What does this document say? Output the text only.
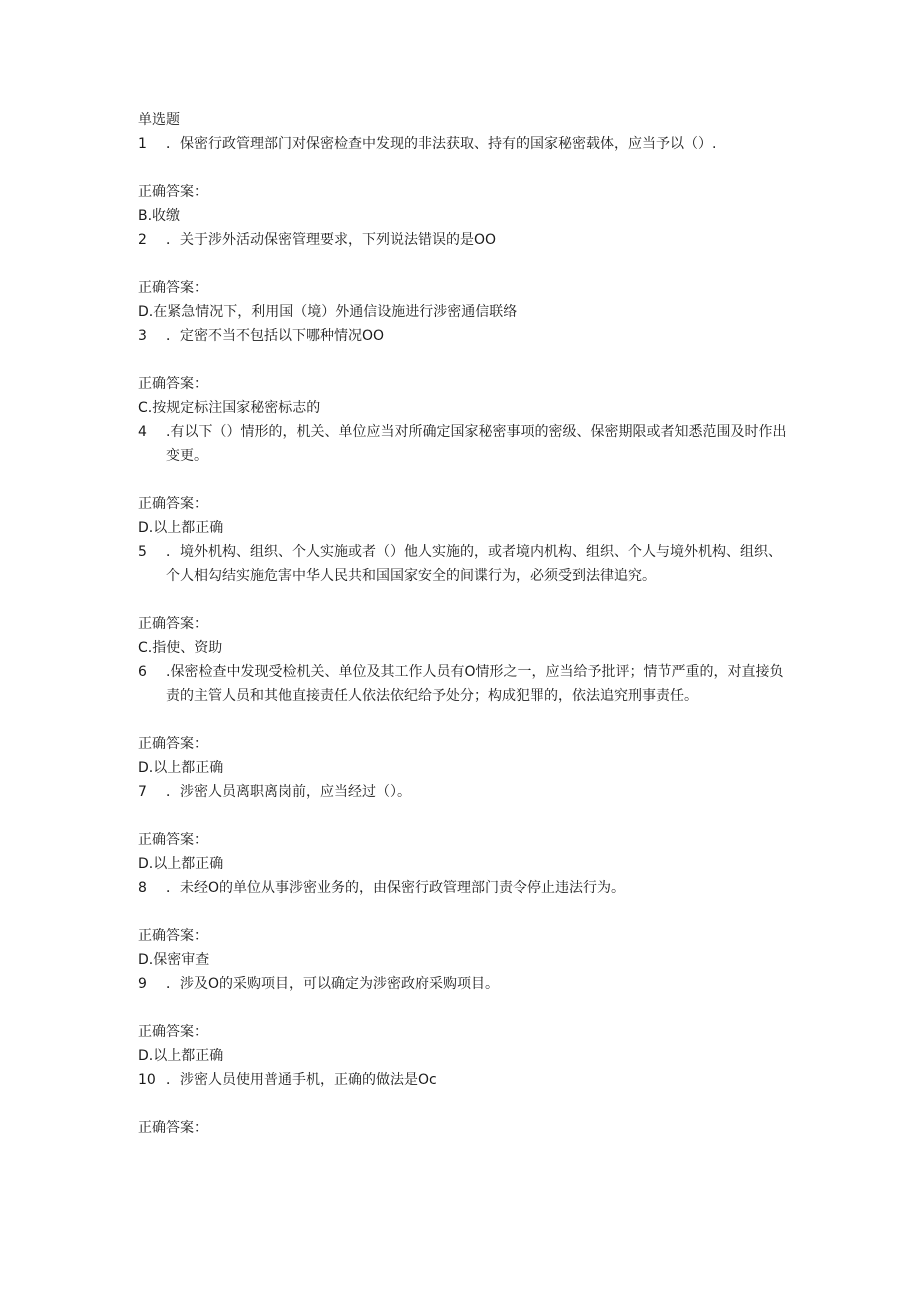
单选题
1	．保密行政管理部门对保密检查中发现的非法获取、持有的国家秘密载体，应当予以（）.
正确答案：
B.收缴
2	．关于涉外活动保密管理要求，下列说法错误的是OO
正确答案：
D.在紧急情况下，利用国（境）外通信设施进行涉密通信联络
3	．定密不当不包括以下哪种情况OO
正确答案：
C.按规定标注国家秘密标志的
4	.有以下（）情形的，机关、单位应当对所确定国家秘密事项的密级、保密期限或者知悉范围及时作出变更。
正确答案：
D.以上都正确
5	．境外机构、组织、个人实施或者（）他人实施的，或者境内机构、组织、个人与境外机构、组织、个人相勾结实施危害中华人民共和国国家安全的间谍行为，必须受到法律追究。
正确答案：
C.指使、资助
6	.保密检查中发现受检机关、单位及其工作人员有O情形之一，应当给予批评；情节严重的，对直接负责的主管人员和其他直接责任人依法依纪给予处分；构成犯罪的，依法追究刑事责任。
正确答案：
D.以上都正确
7	．涉密人员离职离岗前，应当经过（）。
正确答案：
D.以上都正确
8	．未经O的单位从事涉密业务的，由保密行政管理部门责令停止违法行为。
正确答案：
D.保密审查
9	．涉及O的采购项目，可以确定为涉密政府采购项目。
正确答案：
D.以上都正确
10 ．涉密人员使用普通手机，正确的做法是Oc
正确答案：
